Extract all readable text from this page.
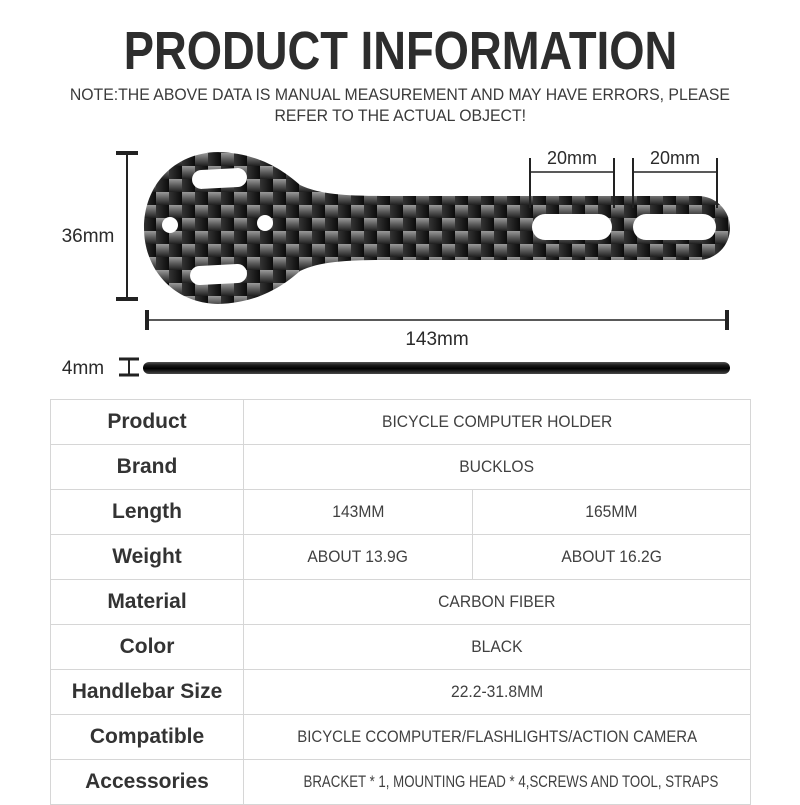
PRODUCT INFORMATION
NOTE:THE ABOVE DATA IS MANUAL MEASUREMENT AND MAY HAVE ERRORS, PLEASE
REFER TO THE ACTUAL OBJECT!
36mm
20mm	20mm
143mm
4mm
Product	BICYCLE COMPUTER HOLDER	
Brand	BUCKLOS	
Length	143MM	165MM
Weight	ABOUT 13.9G	ABOUT 16.2G
Material	CARBON FIBER	
Color	BLACK	
Handlebar Size	22.2-31.8MM	
Compatible	BICYCLE CCOMPUTER/FLASHLIGHTS/ACTION CAMERA	
Accessories	BRACKET * 1, MOUNTING HEAD * 4,SCREWS AND TOOL, STRAPS	
